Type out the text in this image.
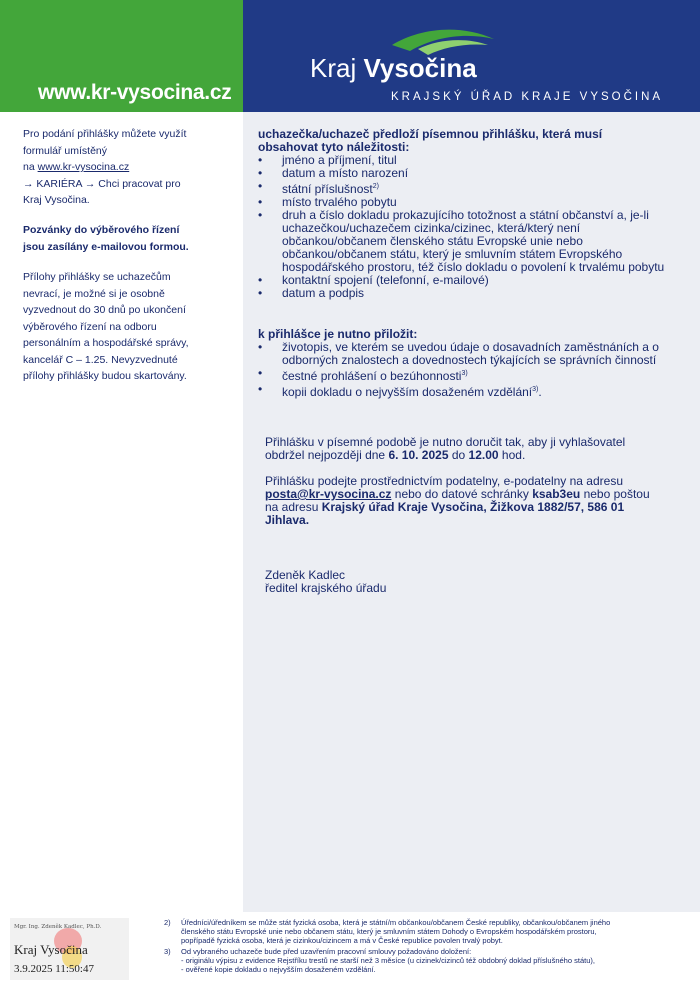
www.kr-vysocina.cz
Kraj Vysočina
KRAJSKÝ ÚŘAD KRAJE VYSOČINA
Pro podání přihlášky můžete využít
formulář umístěný
na www.kr-vysocina.cz
→ KARIÉRA → Chci pracovat pro
Kraj Vysočina.
Pozvánky do výběrového řízení
jsou zasílány e-mailovou formou.
Přílohy přihlášky se uchazečům
nevrací, je možné si je osobně
vyzvednout do 30 dnů po ukončení
výběrového řízení na odboru
personálním a hospodářské správy,
kancelář C – 1.25. Nevyzvednuté
přílohy přihlášky budou skartovány.
uchazečka/uchazeč předloží písemnou přihlášku, která musí
obsahovat tyto náležitosti:
• jméno a příjmení, titul
• datum a místo narození
• státní příslušnost$^{2)}$
• místo trvalého pobytu
• druh a číslo dokladu prokazujícího totožnost a státní občanství a, je-li uchazečkou/uchazečem cizinka/cizinec, která/který není občankou/občanem členského státu Evropské unie nebo občankou/občanem státu, který je smluvním státem Evropského hospodářského prostoru, též číslo dokladu o povolení k trvalému pobytu
• kontaktní spojení (telefonní, e-mailové)
• datum a podpis
k přihlášce je nutno přiložit:
• životopis, ve kterém se uvedou údaje o dosavadních zaměstnáních a o odborných znalostech a dovednostech týkajících se správních činností
• čestné prohlášení o bezúhonnosti$^{3)}$
• kopii dokladu o nejvyšším dosaženém vzdělání$^{3)}$.
Přihlášku v písemné podobě je nutno doručit tak, aby ji vyhlašovatel
obdržel nejpozději dne 6. 10. 2025 do 12.00 hod.
Přihlášku podejte prostřednictvím podatelny, e-podatelny na adresu
posta@kr-vysocina.cz nebo do datové schránky ksab3eu nebo poštou
na adresu Krajský úřad Kraje Vysočina, Žižkova 1882/57, 586 01
Jihlava.
Zdeněk Kadlec
ředitel krajského úřadu
Mgr. Ing. Zdeněk Kadlec, Ph.D.
Kraj Vysočina
3.9.2025 11:50:47
2) Úředníci/úředníkem se může stát fyzická osoba, která je státní/m občankou/občanem České republiky, občankou/občanem jiného
členského státu Evropské unie nebo občanem státu, který je smluvním státem Dohody o Evropském hospodářském prostoru,
popřípadě fyzická osoba, která je cizinkou/cizincem a má v České republice povolen trvalý pobyt.
3) Od vybraného uchazeče bude před uzavřením pracovní smlouvy požadováno doložení:
- originálu výpisu z evidence Rejstříku trestů ne starší než 3 měsíce (u cizinek/cizinců též obdobný doklad příslušného státu),
- ověřené kopie dokladu o nejvyšším dosaženém vzdělání.
